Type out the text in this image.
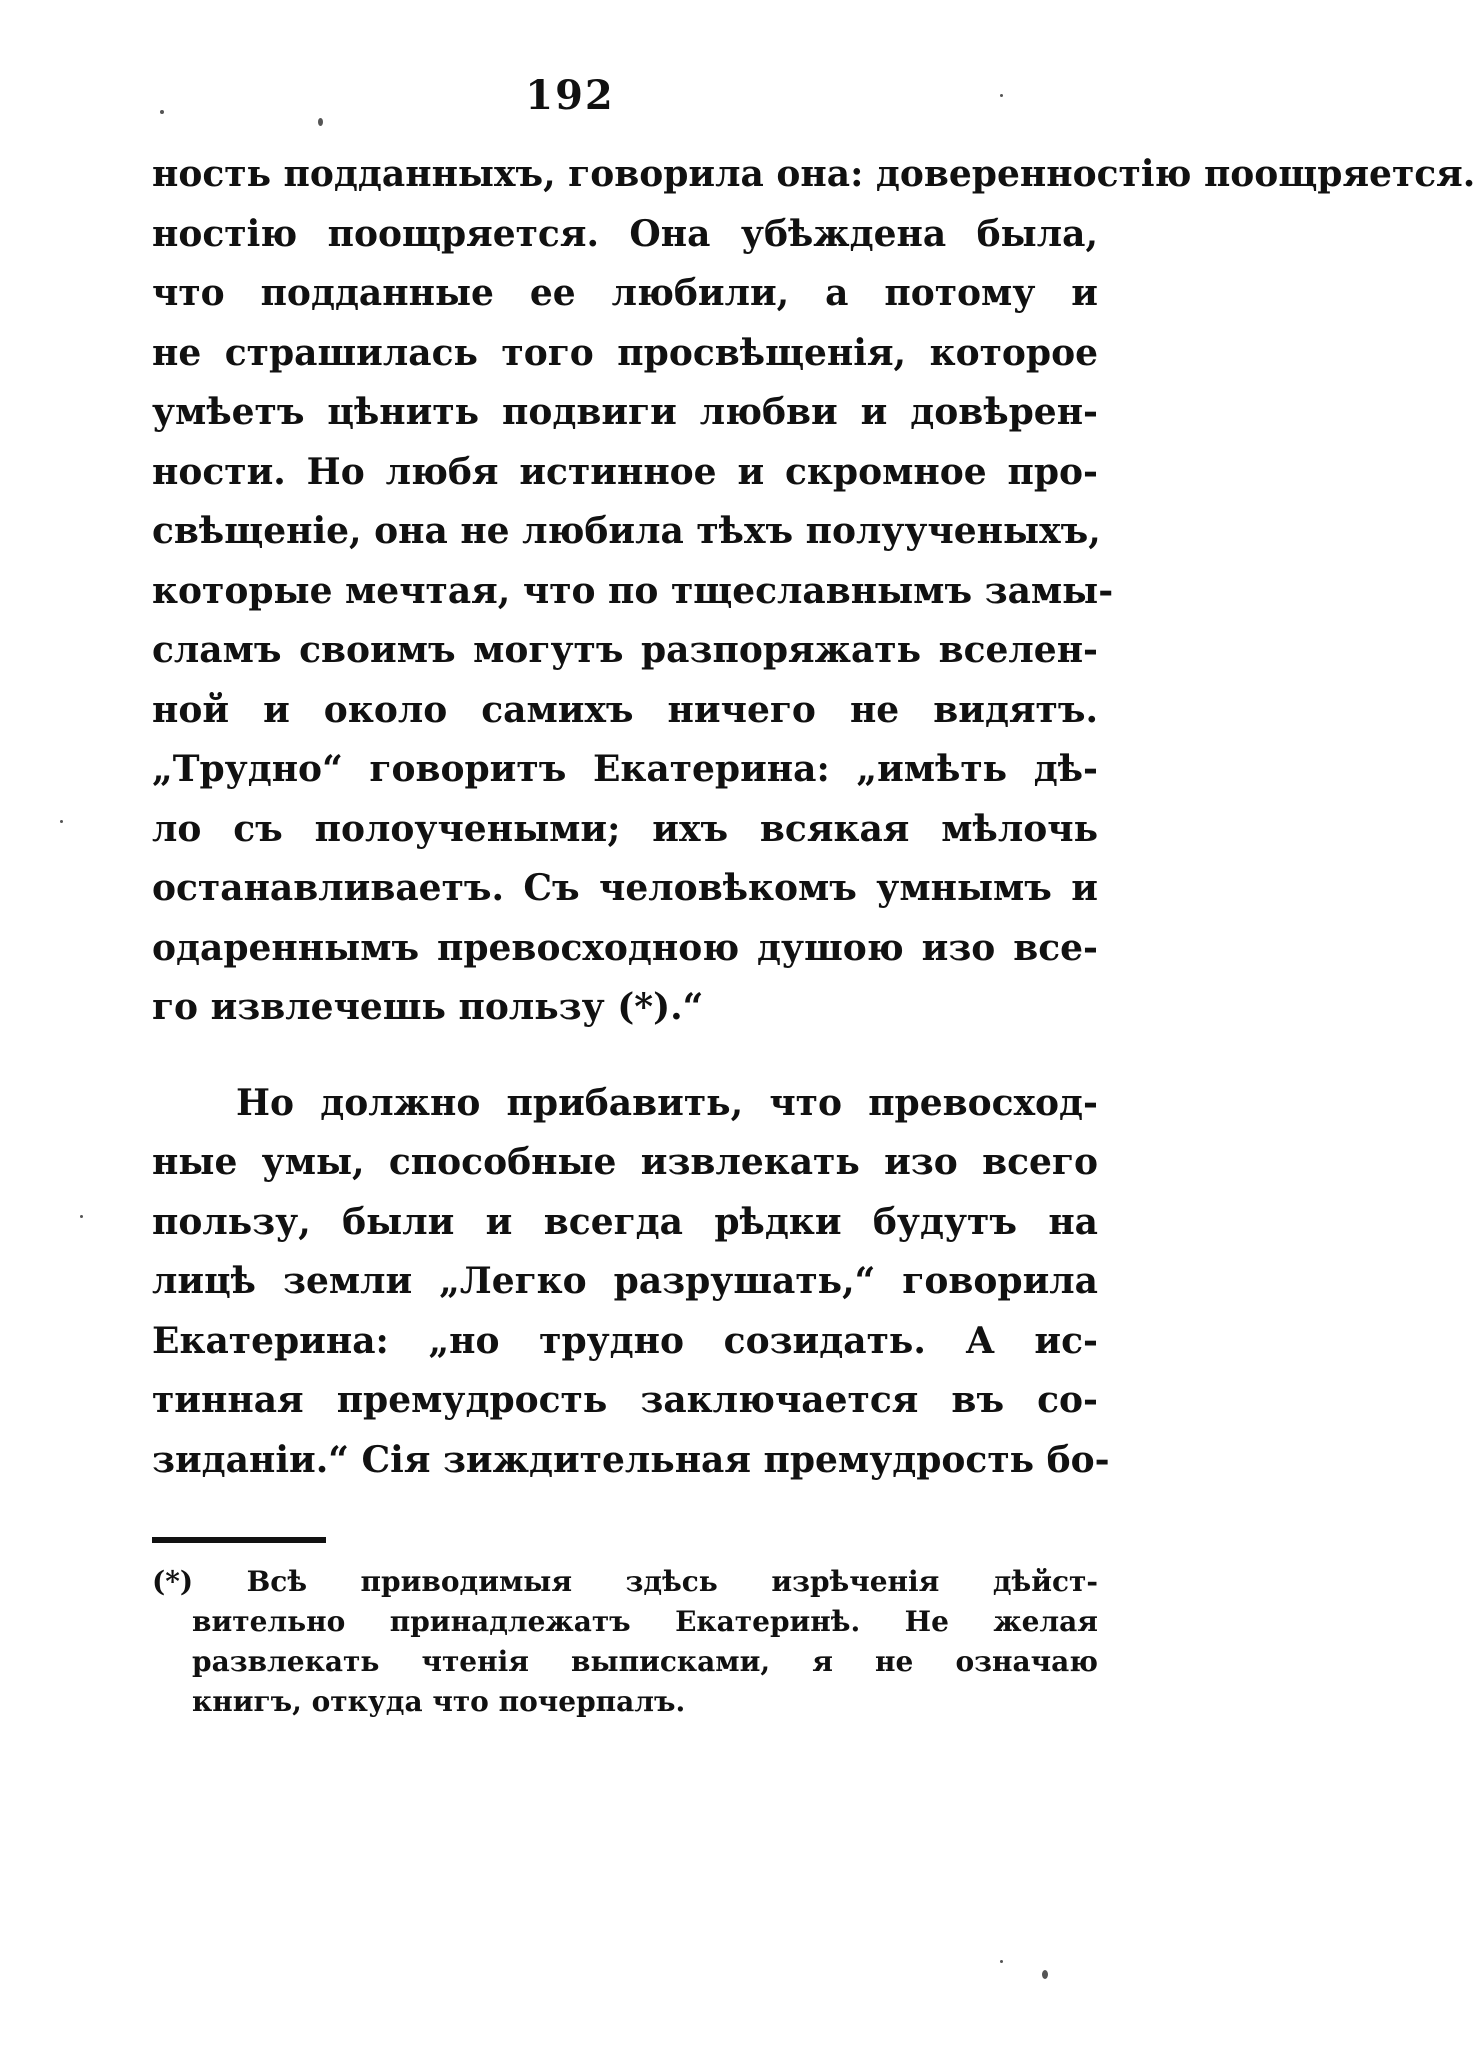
192
ность подданныхъ, говорила она: доверенностію поощряется.
ностію поощряется. Она убѣждена была,
что подданные ее любили, а потому и
не страшилась того просвѣщенія, которое
умѣетъ цѣнить подвиги любви и довѣрен-
ности. Но любя истинное и скромное про-
свѣщеніе, она не любила тѣхъ полуученыхъ,
которые мечтая, что по тщеславнымъ замы-
сламъ своимъ могутъ разпоряжать вселен-
ной и около самихъ ничего не видятъ.
„Трудно“ говоритъ Екатерина: „имѣть дѣ-
ло съ полоучеными; ихъ всякая мѣлочь
останавливаетъ. Съ человѣкомъ умнымъ и
одареннымъ превосходною душою изо все-
го извлечешь пользу (*).“
Но должно прибавить, что превосход-
ные умы, способные извлекать изо всего
пользу, были и всегда рѣдки будутъ на
лицѣ земли „Легко разрушать,“ говорила
Екатерина: „но трудно созидать. А ис-
тинная премудрость заключается въ со-
зиданіи.“ Сія зиждительная премудрость бо-
(*) Всѣ приводимыя здѣсь изрѣченія дѣйст-
вительно принадлежатъ Екатеринѣ. Не желая
развлекать чтенія выписками, я не означаю
книгъ, откуда что почерпалъ.
